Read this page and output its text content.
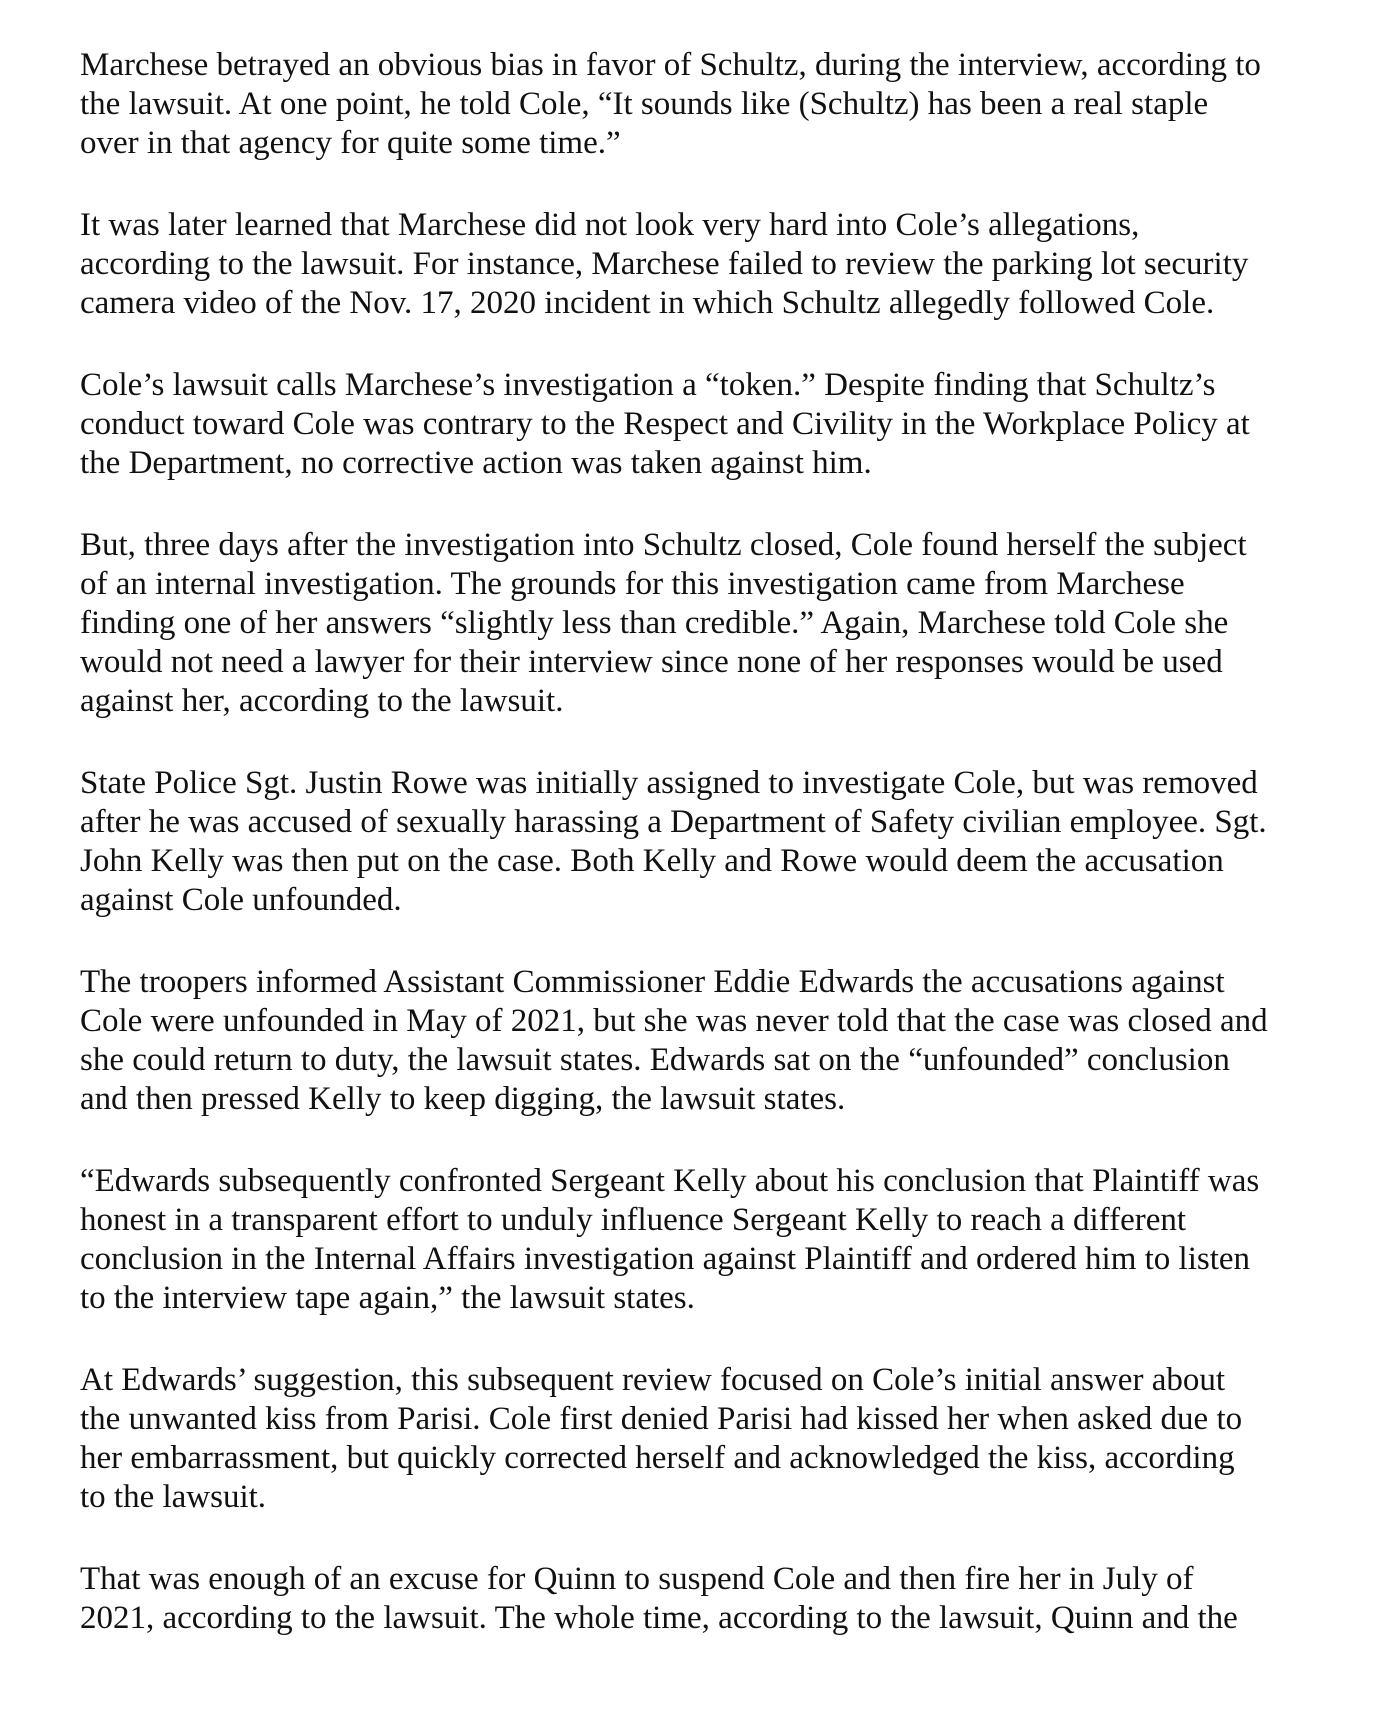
Marchese betrayed an obvious bias in favor of Schultz, during the interview, according to
the lawsuit. At one point, he told Cole, “It sounds like (Schultz) has been a real staple
over in that agency for quite some time.”

It was later learned that Marchese did not look very hard into Cole’s allegations,
according to the lawsuit. For instance, Marchese failed to review the parking lot security
camera video of the Nov. 17, 2020 incident in which Schultz allegedly followed Cole.

Cole’s lawsuit calls Marchese’s investigation a “token.” Despite finding that Schultz’s
conduct toward Cole was contrary to the Respect and Civility in the Workplace Policy at
the Department, no corrective action was taken against him.

But, three days after the investigation into Schultz closed, Cole found herself the subject
of an internal investigation. The grounds for this investigation came from Marchese
finding one of her answers “slightly less than credible.” Again, Marchese told Cole she
would not need a lawyer for their interview since none of her responses would be used
against her, according to the lawsuit.

State Police Sgt. Justin Rowe was initially assigned to investigate Cole, but was removed
after he was accused of sexually harassing a Department of Safety civilian employee. Sgt.
John Kelly was then put on the case. Both Kelly and Rowe would deem the accusation
against Cole unfounded.

The troopers informed Assistant Commissioner Eddie Edwards the accusations against
Cole were unfounded in May of 2021, but she was never told that the case was closed and
she could return to duty, the lawsuit states. Edwards sat on the “unfounded” conclusion
and then pressed Kelly to keep digging, the lawsuit states.

“Edwards subsequently confronted Sergeant Kelly about his conclusion that Plaintiff was
honest in a transparent effort to unduly influence Sergeant Kelly to reach a different
conclusion in the Internal Affairs investigation against Plaintiff and ordered him to listen
to the interview tape again,” the lawsuit states.

At Edwards’ suggestion, this subsequent review focused on Cole’s initial answer about
the unwanted kiss from Parisi. Cole first denied Parisi had kissed her when asked due to
her embarrassment, but quickly corrected herself and acknowledged the kiss, according
to the lawsuit.

That was enough of an excuse for Quinn to suspend Cole and then fire her in July of
2021, according to the lawsuit. The whole time, according to the lawsuit, Quinn and the
